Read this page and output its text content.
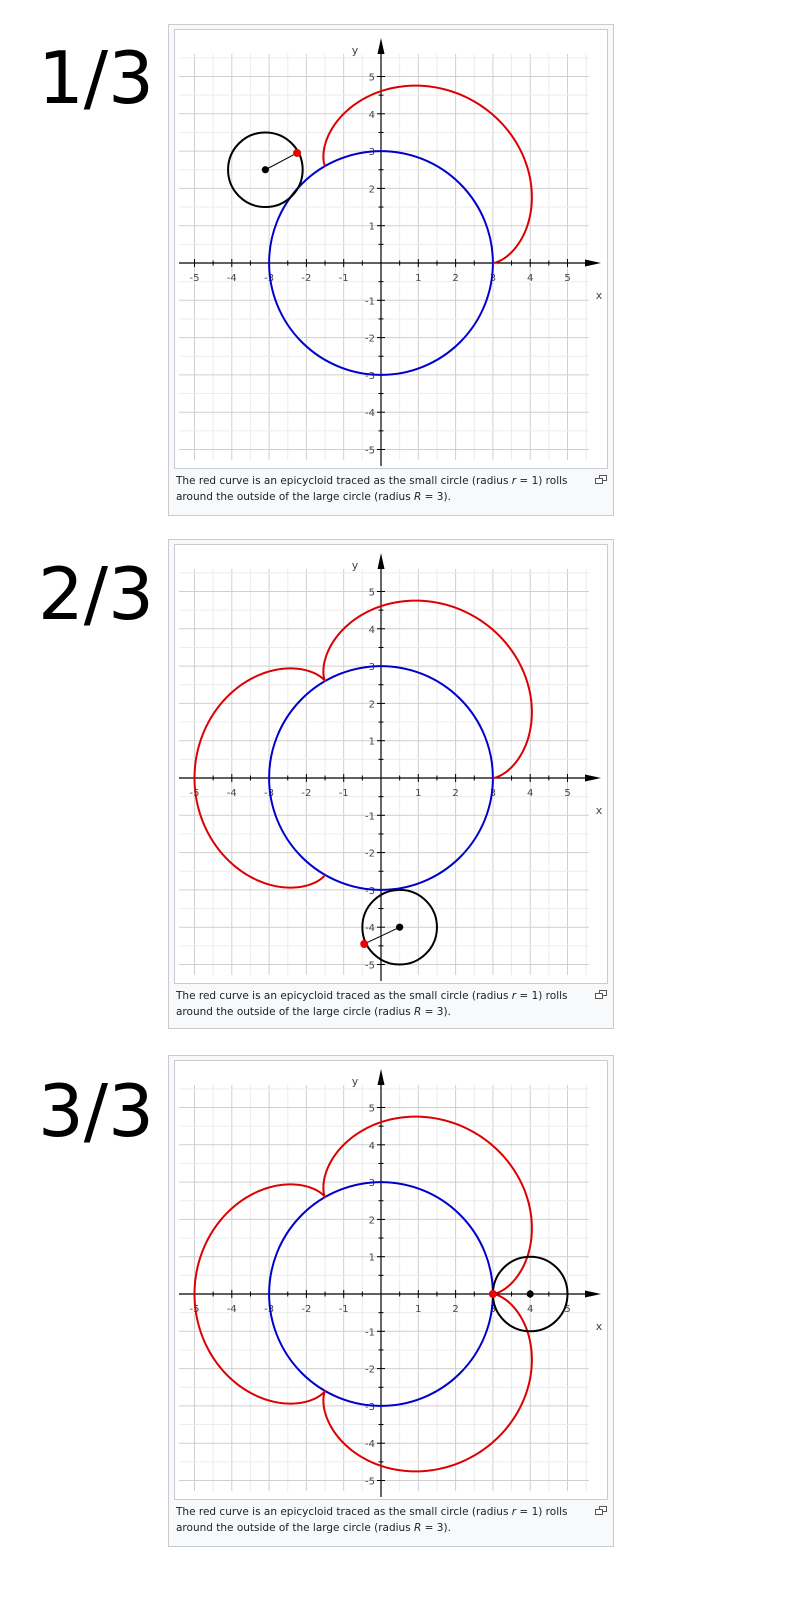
1/3
-5	-4	-3	-2	-1	1	2	3	4	5
5
4
3
2
1
-1
-2
-3
-4
-5
x
y
The red curve is an epicycloid traced as the small circle (radius r = 1) rolls around the outside of the large circle (radius R = 3).
2/3
-5	-4	-3	-2	-1	1	2	3	4	5
5
4
3
2
1
-1
-2
-3
-4
-5
x
y
The red curve is an epicycloid traced as the small circle (radius r = 1) rolls around the outside of the large circle (radius R = 3).
3/3
-5	-4	-3	-2	-1	1	2	3	4	5
5
4
3
2
1
-1
-2
-3
-4
-5
x
y
The red curve is an epicycloid traced as the small circle (radius r = 1) rolls around the outside of the large circle (radius R = 3).
